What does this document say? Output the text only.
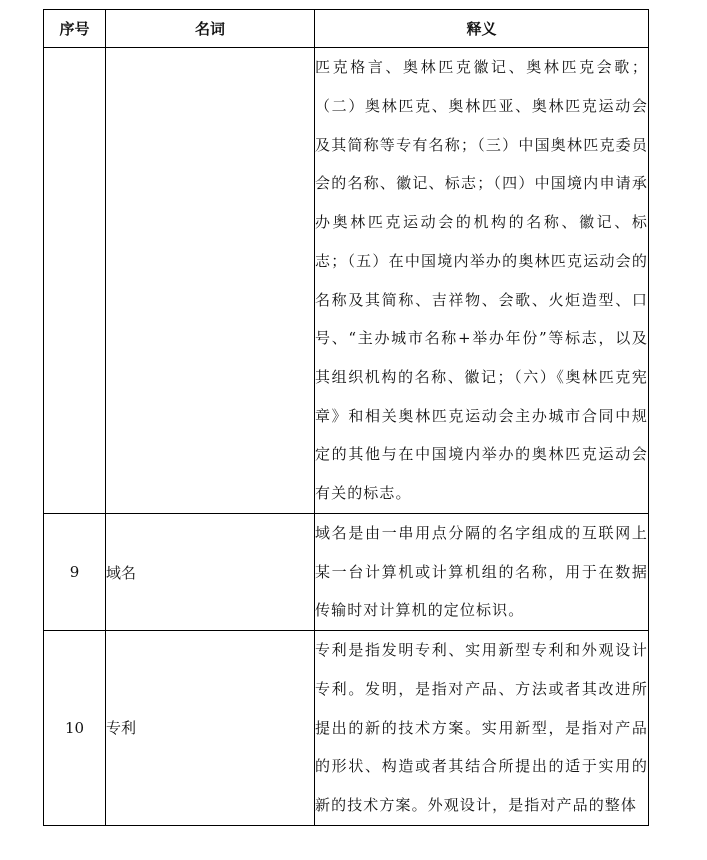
序号	名词	释义
		匹克格言、奥林匹克徽记、奥林匹克会歌；（二）奥林匹克、奥林匹亚、奥林匹克运动会及其简称等专有名称；（三）中国奥林匹克委员会的名称、徽记、标志；（四）中国境内申请承办奥林匹克运动会的机构的名称、徽记、标志；（五）在中国境内举办的奥林匹克运动会的名称及其简称、吉祥物、会歌、火炬造型、口号、“主办城市名称+举办年份”等标志，以及其组织机构的名称、徽记；（六）《奥林匹克宪章》和相关奥林匹克运动会主办城市合同中规定的其他与在中国境内举办的奥林匹克运动会有关的标志。
9	域名	域名是由一串用点分隔的名字组成的互联网上某一台计算机或计算机组的名称，用于在数据传输时对计算机的定位标识。
10	专利	专利是指发明专利、实用新型专利和外观设计专利。发明，是指对产品、方法或者其改进所提出的新的技术方案。实用新型，是指对产品的形状、构造或者其结合所提出的适于实用的新的技术方案。外观设计，是指对产品的整体
